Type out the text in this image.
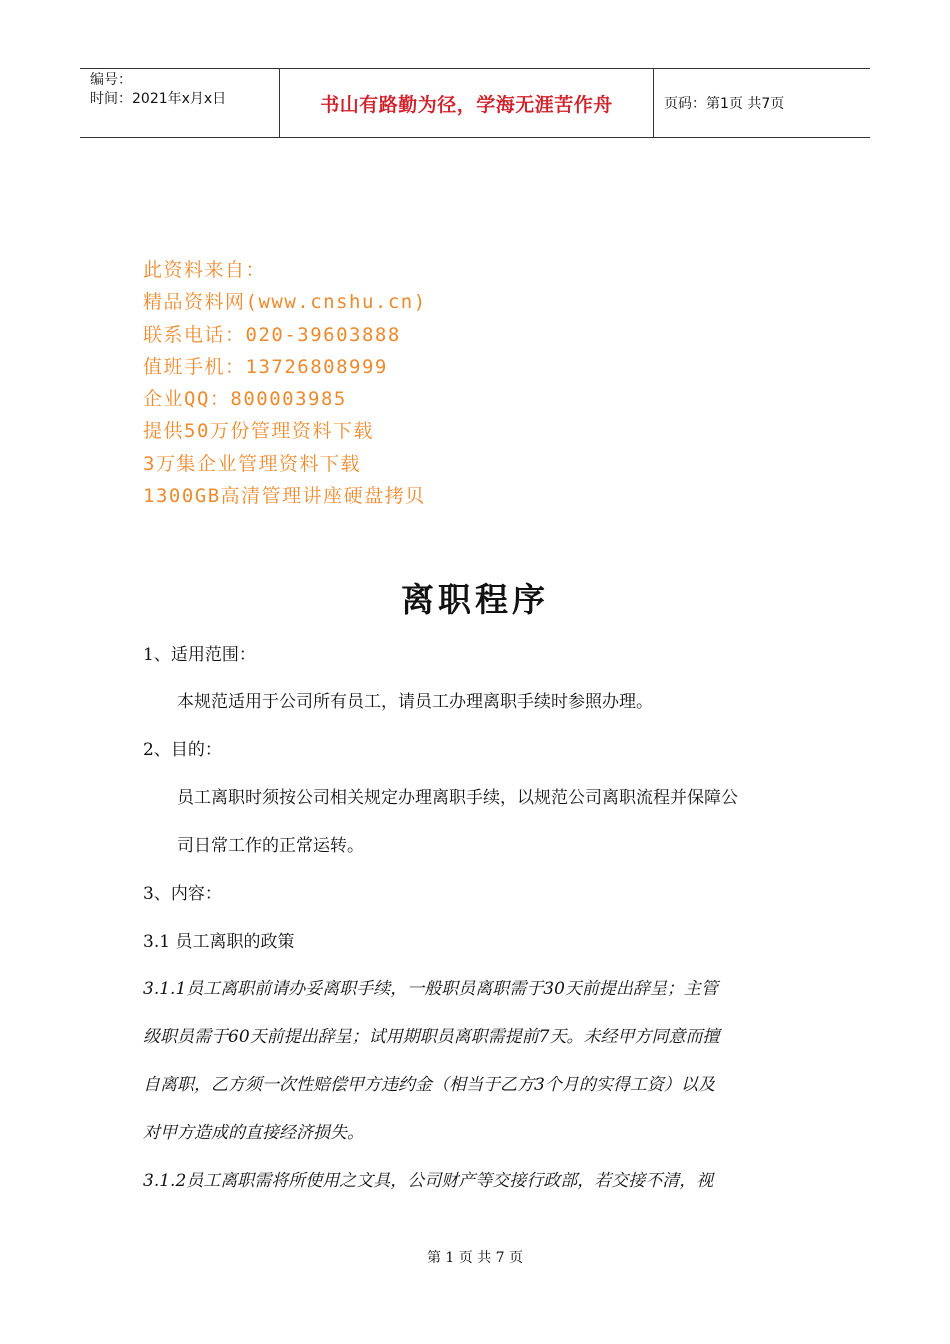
编号：
时间：2021年x月x日	书山有路勤为径，学海无涯苦作舟	页码：第1页 共7页
此资料来自：
精品资料网(www.cnshu.cn)
联系电话：020-39603888
值班手机：13726808999
企业QQ：800003985
提供50万份管理资料下载
3万集企业管理资料下载
1300GB高清管理讲座硬盘拷贝
离职程序
1、适用范围：
本规范适用于公司所有员工，请员工办理离职手续时参照办理。
2、目的：
员工离职时须按公司相关规定办理离职手续，以规范公司离职流程并保障公
司日常工作的正常运转。
3、内容：
3.1 员工离职的政策
3.1.1员工离职前请办妥离职手续，一般职员离职需于30天前提出辞呈；主管
级职员需于60天前提出辞呈；试用期职员离职需提前7天。未经甲方同意而擅
自离职，乙方须一次性赔偿甲方违约金（相当于乙方3个月的实得工资）以及
对甲方造成的直接经济损失。
3.1.2员工离职需将所使用之文具，公司财产等交接行政部，若交接不清，视
第 1 页 共 7 页
